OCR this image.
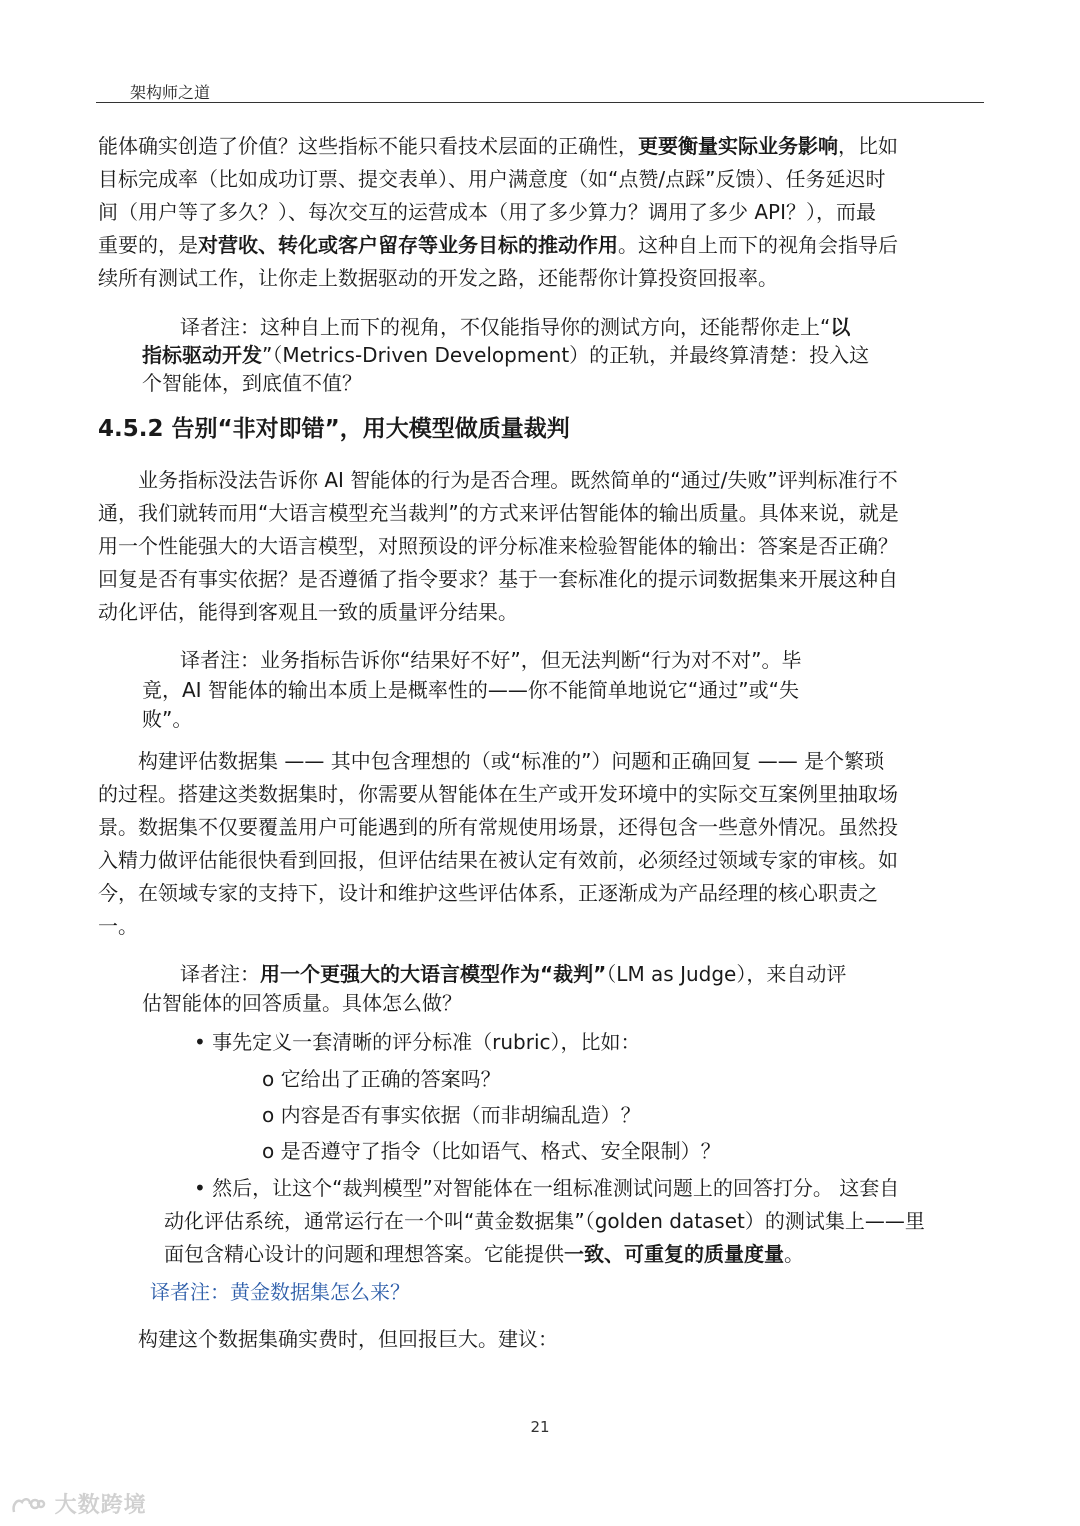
架构师之道
能体确实创造了价值？这些指标不能只看技术层面的正确性，更要衡量实际业务影响，比如
目标完成率（比如成功订票、提交表单）、用户满意度（如“点赞/点踩”反馈）、任务延迟时
间（用户等了多久？）、每次交互的运营成本（用了多少算力？调用了多少 API？），而最
重要的，是对营收、转化或客户留存等业务目标的推动作用。这种自上而下的视角会指导后
续所有测试工作，让你走上数据驱动的开发之路，还能帮你计算投资回报率。
译者注：这种自上而下的视角，不仅能指导你的测试方向，还能帮你走上“以
指标驱动开发”（Metrics-Driven Development）的正轨，并最终算清楚：投入这
个智能体，到底值不值？
4.5.2 告别“非对即错”，用大模型做质量裁判
业务指标没法告诉你 AI 智能体的行为是否合理。既然简单的“通过/失败”评判标准行不
通，我们就转而用“大语言模型充当裁判”的方式来评估智能体的输出质量。具体来说，就是
用一个性能强大的大语言模型，对照预设的评分标准来检验智能体的输出：答案是否正确？
回复是否有事实依据？是否遵循了指令要求？基于一套标准化的提示词数据集来开展这种自
动化评估，能得到客观且一致的质量评分结果。
译者注：业务指标告诉你“结果好不好”，但无法判断“行为对不对”。毕
竟，AI 智能体的输出本质上是概率性的——你不能简单地说它“通过”或“失
败”。
构建评估数据集 —— 其中包含理想的（或“标准的”）问题和正确回复 —— 是个繁琐
的过程。搭建这类数据集时，你需要从智能体在生产或开发环境中的实际交互案例里抽取场
景。数据集不仅要覆盖用户可能遇到的所有常规使用场景，还得包含一些意外情况。虽然投
入精力做评估能很快看到回报，但评估结果在被认定有效前，必须经过领域专家的审核。如
今，在领域专家的支持下，设计和维护这些评估体系，正逐渐成为产品经理的核心职责之
一。
译者注：用一个更强大的大语言模型作为“裁判”（LM as Judge），来自动评
估智能体的回答质量。具体怎么做？
• 事先定义一套清晰的评分标准（rubric），比如：
o 它给出了正确的答案吗？
o 内容是否有事实依据（而非胡编乱造）？
o 是否遵守了指令（比如语气、格式、安全限制）？
• 然后，让这个“裁判模型”对智能体在一组标准测试问题上的回答打分。 这套自
动化评估系统，通常运行在一个叫“黄金数据集”（golden dataset）的测试集上——里
面包含精心设计的问题和理想答案。它能提供一致、可重复的质量度量。
译者注：黄金数据集怎么来？
构建这个数据集确实费时，但回报巨大。建议：
21
大数跨境
